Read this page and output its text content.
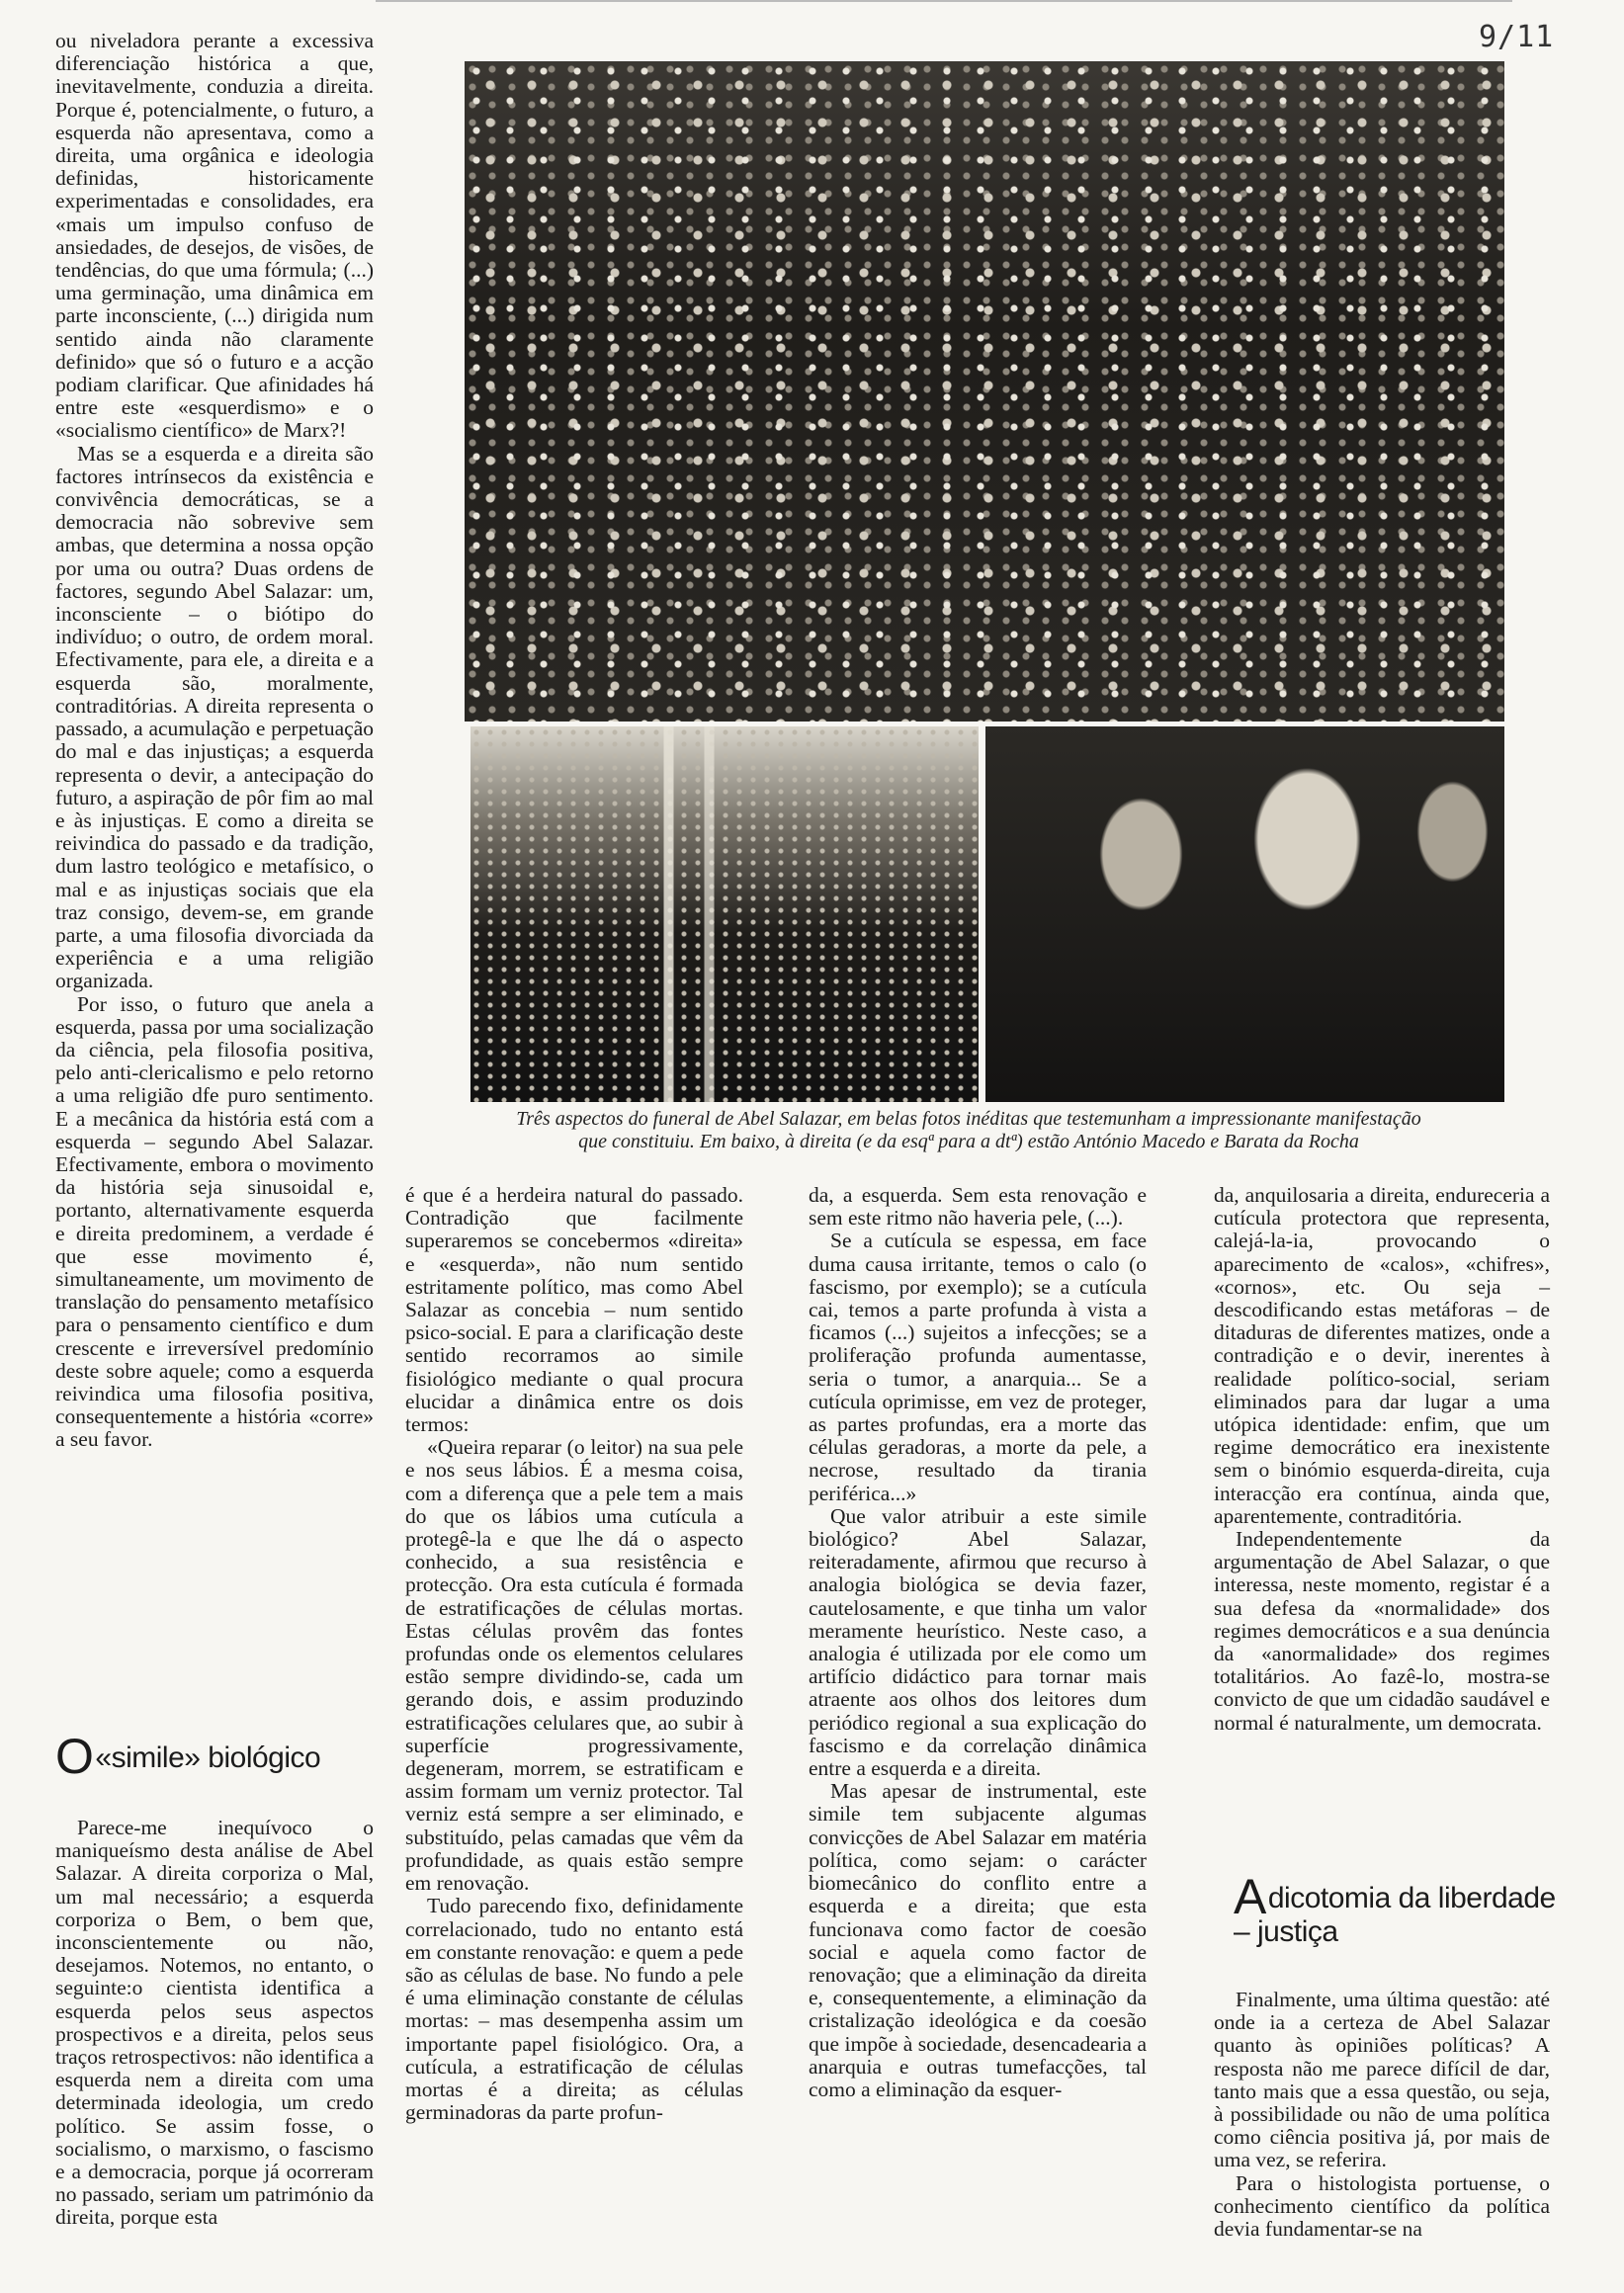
9/11

ou niveladora perante a excessiva diferenciação histórica a que, inevitavelmente, conduzia a direita. Porque é, potencialmente, o futuro, a esquerda não apresentava, como a direita, uma orgânica e ideologia definidas, historicamente experimentadas e consolidades, era «mais um impulso confuso de ansiedades, de desejos, de visões, de tendências, do que uma fórmula; (...) uma germinação, uma dinâmica em parte inconsciente, (...) dirigida num sentido ainda não claramente definido» que só o futuro e a acção podiam clarificar. Que afinidades há entre este «esquerdismo» e o «socialismo científico» de Marx?!

Mas se a esquerda e a direita são factores intrínsecos da existência e convivência democráticas, se a democracia não sobrevive sem ambas, que determina a nossa opção por uma ou outra? Duas ordens de factores, segundo Abel Salazar: um, inconsciente – o biótipo do indivíduo; o outro, de ordem moral. Efectivamente, para ele, a direita e a esquerda são, moralmente, contraditórias. A direita representa o passado, a acumulação e perpetuação do mal e das injustiças; a esquerda representa o devir, a antecipação do futuro, a aspiração de pôr fim ao mal e às injustiças. E como a direita se reivindica do passado e da tradição, dum lastro teológico e metafísico, o mal e as injustiças sociais que ela traz consigo, devem-se, em grande parte, a uma filosofia divorciada da experiência e a uma religião organizada.

Por isso, o futuro que anela a esquerda, passa por uma socialização da ciência, pela filosofia positiva, pelo anti-clericalismo e pelo retorno a uma religião dfe puro sentimento. E a mecânica da história está com a esquerda – segundo Abel Salazar. Efectivamente, embora o movimento da história seja sinusoidal e, portanto, alternativamente esquerda e direita predominem, a verdade é que esse movimento é, simultaneamente, um movimento de translação do pensamento metafísico para o pensamento científico e dum crescente e irreversível predomínio deste sobre aquele; como a esquerda reivindica uma filosofia positiva, consequentemente a história «corre» a seu favor.

O«simile» biológico

Parece-me inequívoco o maniqueísmo desta análise de Abel Salazar. A direita corporiza o Mal, um mal necessário; a esquerda corporiza o Bem, o bem que, inconscientemente ou não, desejamos. Notemos, no entanto, o seguinte:o cientista identifica a esquerda pelos seus aspectos prospectivos e a direita, pelos seus traços retrospectivos: não identifica a esquerda nem a direita com uma determinada ideologia, um credo político. Se assim fosse, o socialismo, o marxismo, o fascismo e a democracia, porque já ocorreram no passado, seriam um património da direita, porque esta

Três aspectos do funeral de Abel Salazar, em belas fotos inéditas que testemunham a impressionante manifestação
que constituiu. Em baixo, à direita (e da esqª para a dtª) estão António Macedo e Barata da Rocha

é que é a herdeira natural do passado. Contradição que facilmente superaremos se concebermos «direita» e «esquerda», não num sentido estritamente político, mas como Abel Salazar as concebia – num sentido psico-social. E para a clarificação deste sentido recorramos ao simile fisiológico mediante o qual procura elucidar a dinâmica entre os dois termos:

«Queira reparar (o leitor) na sua pele e nos seus lábios. É a mesma coisa, com a diferença que a pele tem a mais do que os lábios uma cutícula a protegê-la e que lhe dá o aspecto conhecido, a sua resistência e protecção. Ora esta cutícula é formada de estratificações de células mortas. Estas células provêm das fontes profundas onde os elementos celulares estão sempre dividindo-se, cada um gerando dois, e assim produzindo estratificações celulares que, ao subir à superfície progressivamente, degeneram, morrem, se estratificam e assim formam um verniz protector. Tal verniz está sempre a ser eliminado, e substituído, pelas camadas que vêm da profundidade, as quais estão sempre em renovação.

Tudo parecendo fixo, definidamente correlacionado, tudo no entanto está em constante renovação: e quem a pede são as células de base. No fundo a pele é uma eliminação constante de células mortas: – mas desempenha assim um importante papel fisiológico. Ora, a cutícula, a estratificação de células mortas é a direita; as células germinadoras da parte profun-

da, a esquerda. Sem esta renovação e sem este ritmo não haveria pele, (...).

Se a cutícula se espessa, em face duma causa irritante, temos o calo (o fascismo, por exemplo); se a cutícula cai, temos a parte profunda à vista a ficamos (...) sujeitos a infecções; se a proliferação profunda aumentasse, seria o tumor, a anarquia... Se a cutícula oprimisse, em vez de proteger, as partes profundas, era a morte das células geradoras, a morte da pele, a necrose, resultado da tirania periférica...»

Que valor atribuir a este simile biológico? Abel Salazar, reiteradamente, afirmou que recurso à analogia biológica se devia fazer, cautelosamente, e que tinha um valor meramente heurístico. Neste caso, a analogia é utilizada por ele como um artifício didáctico para tornar mais atraente aos olhos dos leitores dum periódico regional a sua explicação do fascismo e da correlação dinâmica entre a esquerda e a direita.

Mas apesar de instrumental, este simile tem subjacente algumas convicções de Abel Salazar em matéria política, como sejam: o carácter biomecânico do conflito entre a esquerda e a direita; que esta funcionava como factor de coesão social e aquela como factor de renovação; que a eliminação da direita e, consequentemente, a eliminação da cristalização ideológica e da coesão que impõe à sociedade, desencadearia a anarquia e outras tumefacções, tal como a eliminação da esquer-

da, anquilosaria a direita, endureceria a cutícula protectora que representa, calejá-la-ia, provocando o aparecimento de «calos», «chifres», «cornos», etc. Ou seja – descodificando estas metáforas – de ditaduras de diferentes matizes, onde a contradição e o devir, inerentes à realidade político-social, seriam eliminados para dar lugar a uma utópica identidade: enfim, que um regime democrático era inexistente sem o binómio esquerda-direita, cuja interacção era contínua, ainda que, aparentemente, contraditória.

Independentemente da argumentação de Abel Salazar, o que interessa, neste momento, registar é a sua defesa da «normalidade» dos regimes democráticos e a sua denúncia da «anormalidade» dos regimes totalitários. Ao fazê-lo, mostra-se convicto de que um cidadão saudável e normal é naturalmente, um democrata.

Adicotomia da liberdade
– justiça

Finalmente, uma última questão: até onde ia a certeza de Abel Salazar quanto às opiniões políticas? A resposta não me parece difícil de dar, tanto mais que a essa questão, ou seja, à possibilidade ou não de uma política como ciência positiva já, por mais de uma vez, se referira.

Para o histologista portuense, o conhecimento científico da política devia fundamentar-se na
